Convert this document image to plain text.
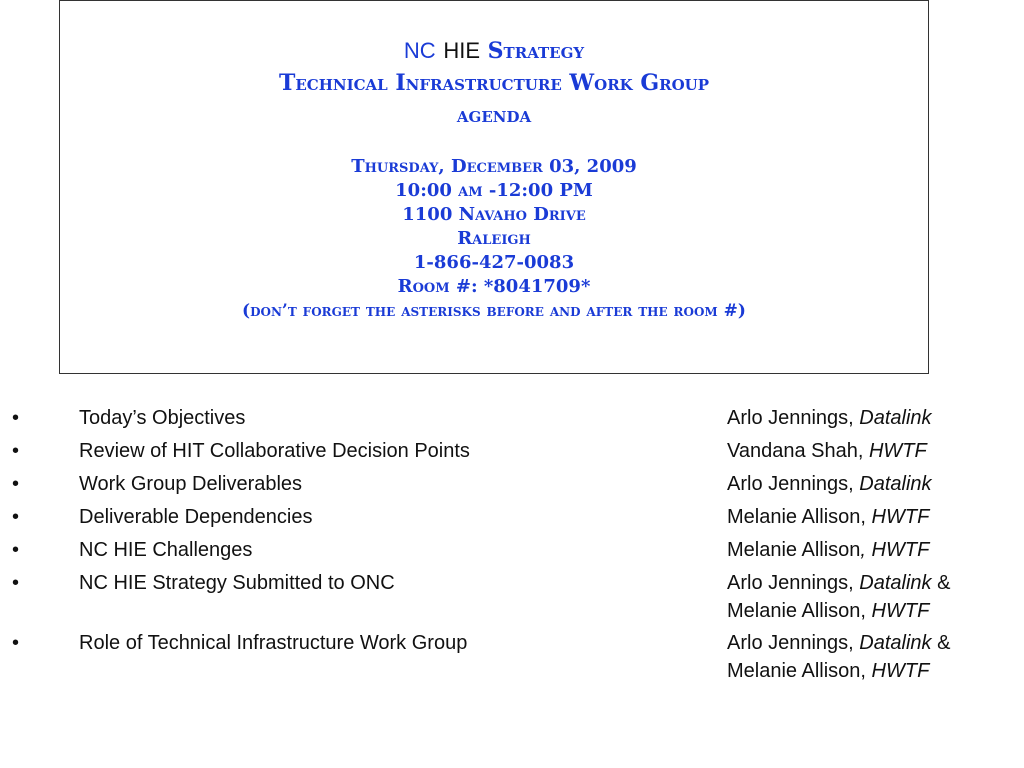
NC HIE Strategy
Technical Infrastructure Work Group
agenda
Thursday, December 03, 2009
10:00 am -12:00 PM
1100 Navaho Drive
Raleigh
1-866-427-0083
Room #: *8041709*
(don’t forget the asterisks before and after the room #)
•	Today’s Objectives	Arlo Jennings, Datalink
•	Review of HIT Collaborative Decision Points	Vandana Shah, HWTF
•	Work Group Deliverables	Arlo Jennings, Datalink
•	Deliverable Dependencies	Melanie Allison, HWTF
•	NC HIE Challenges	Melanie Allison, HWTF
•	NC HIE Strategy Submitted to ONC	Arlo Jennings, Datalink &
Melanie Allison, HWTF
•	Role of Technical Infrastructure Work Group	Arlo Jennings, Datalink &
Melanie Allison, HWTF
